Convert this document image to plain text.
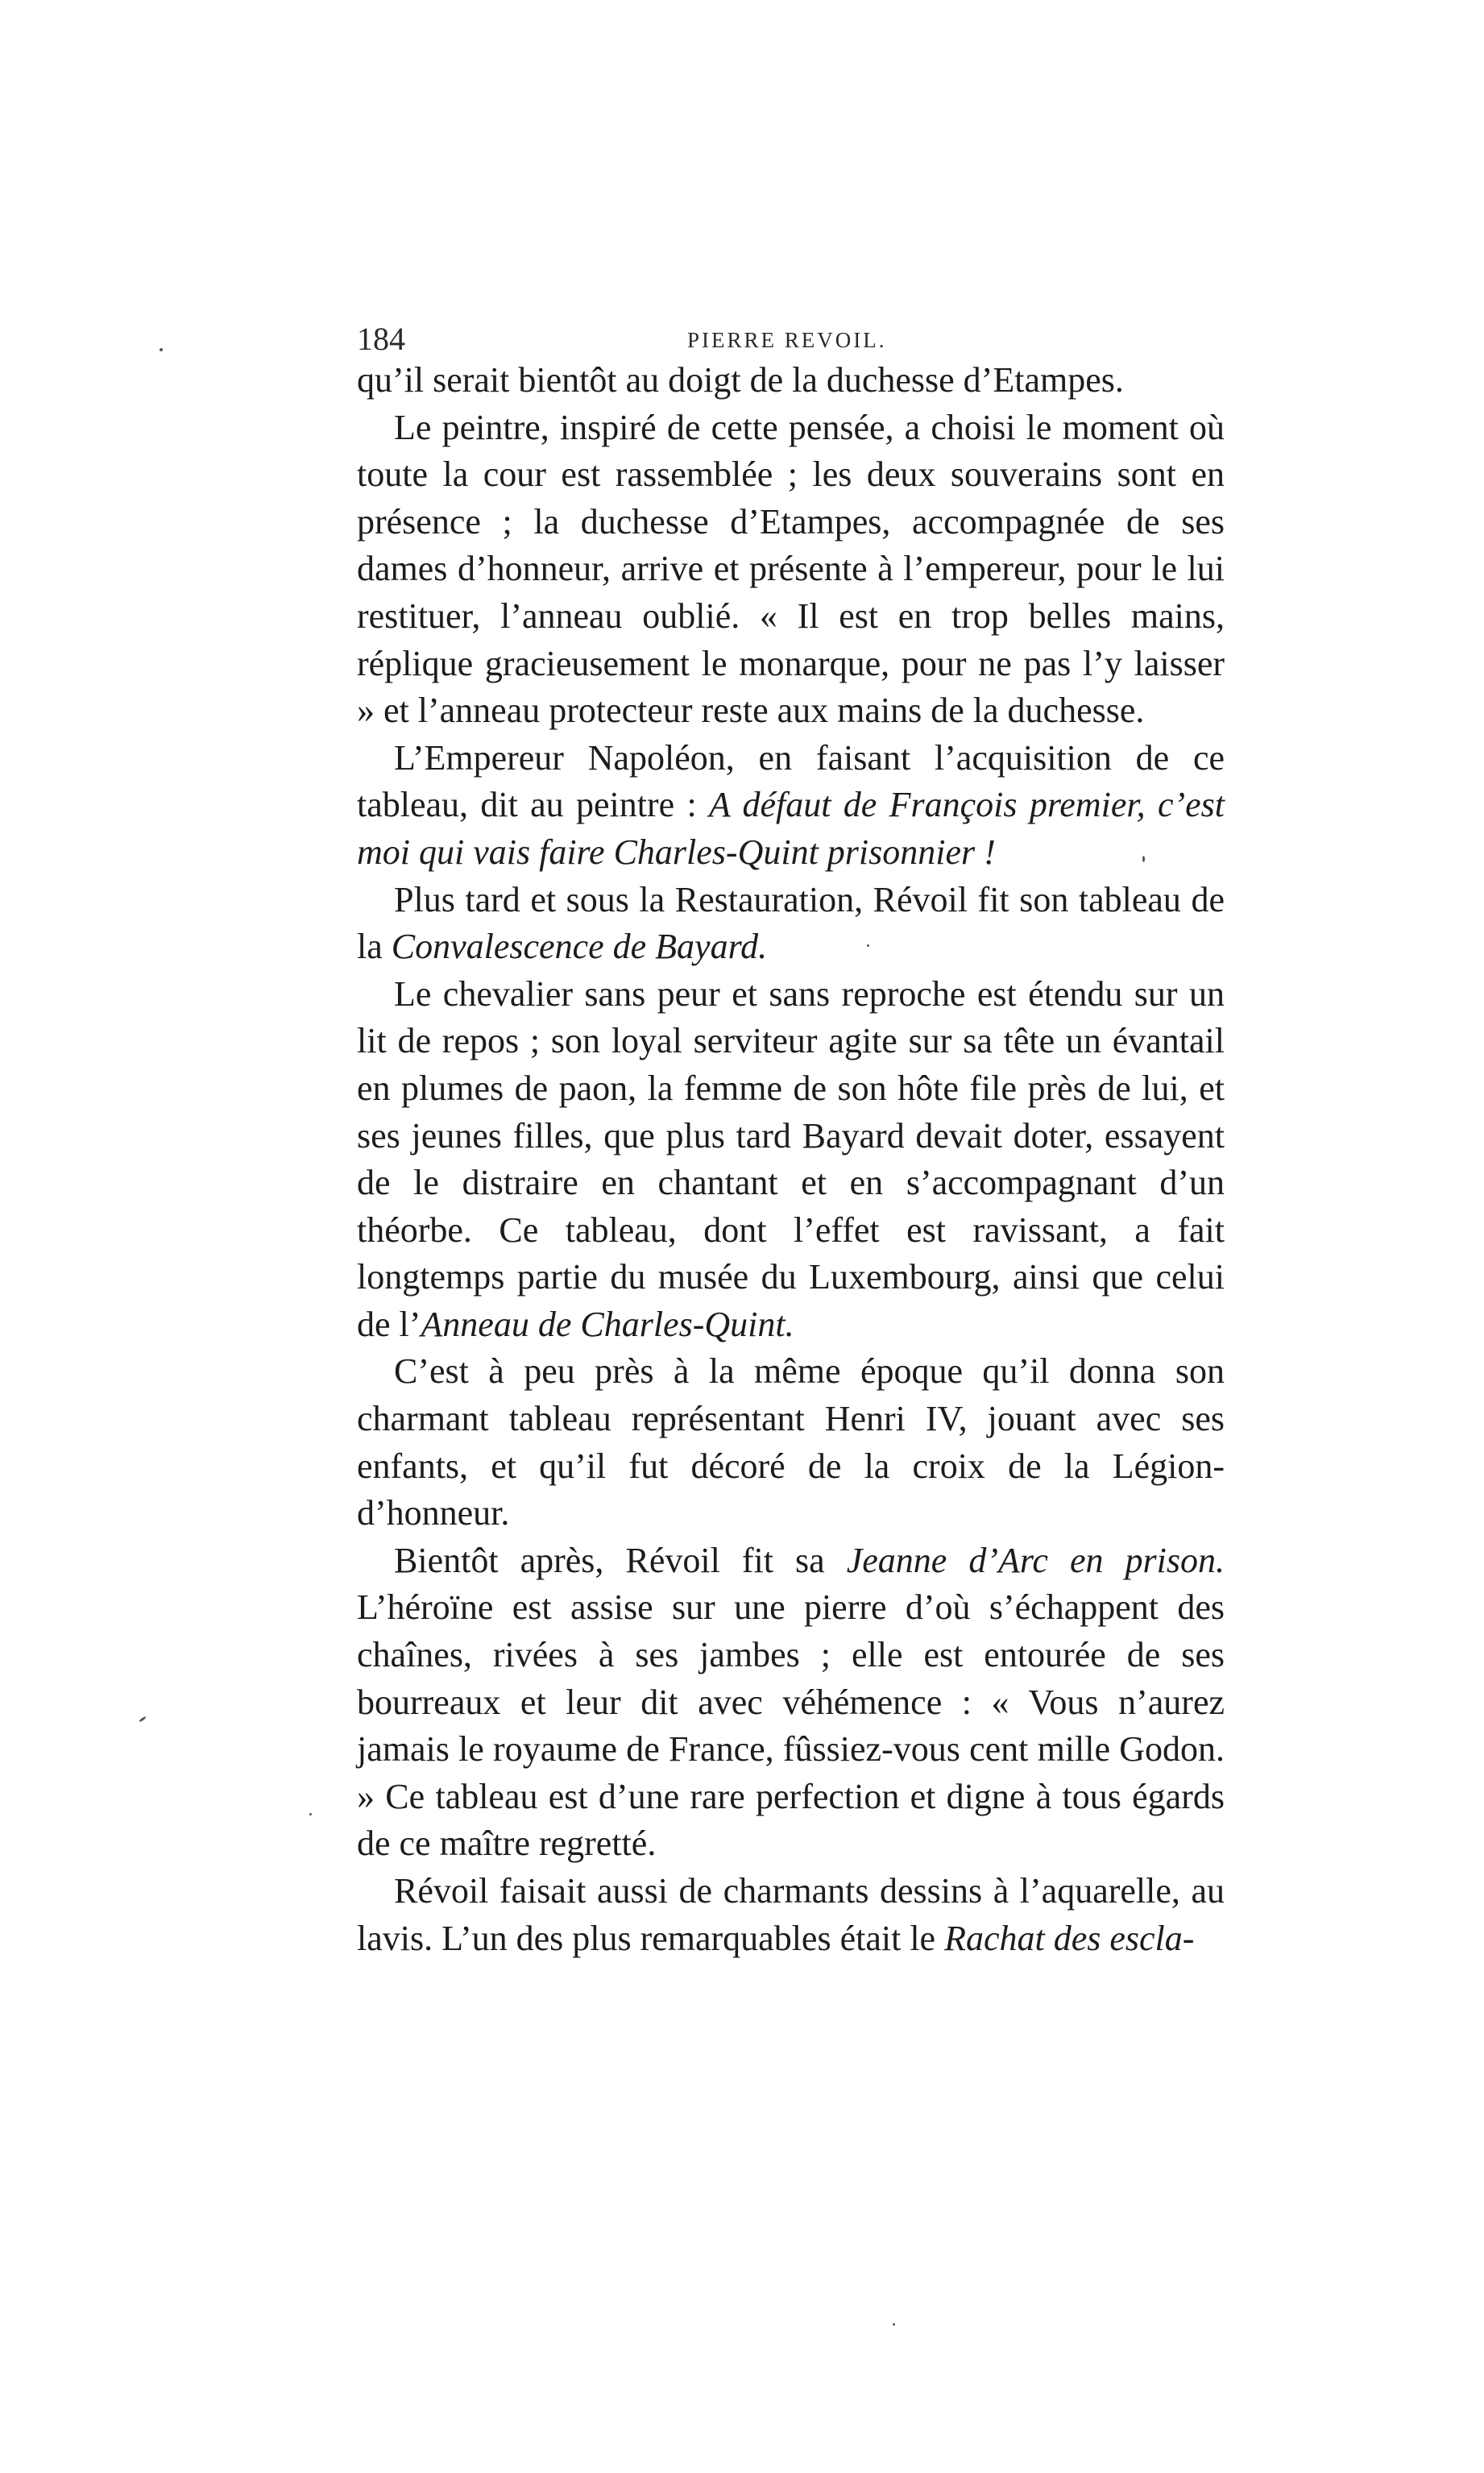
184	PIERRE REVOIL.

qu’il serait bientôt au doigt de la duchesse d’Etampes.

Le peintre, inspiré de cette pensée, a choisi le moment où toute la cour est rassemblée ; les deux souverains sont en présence ; la duchesse d’Etampes, accompagnée de ses dames d’honneur, arrive et présente à l’empereur, pour le lui restituer, l’anneau oublié. « Il est en trop belles mains, réplique gracieusement le monarque, pour ne pas l’y laisser » et l’anneau protecteur reste aux mains de la duchesse.

L’Empereur Napoléon, en faisant l’acquisition de ce tableau, dit au peintre : A défaut de François premier, c’est moi qui vais faire Charles-Quint prisonnier !

Plus tard et sous la Restauration, Révoil fit son tableau de la Convalescence de Bayard.

Le chevalier sans peur et sans reproche est étendu sur un lit de repos ; son loyal serviteur agite sur sa tête un évantail en plumes de paon, la femme de son hôte file près de lui, et ses jeunes filles, que plus tard Bayard devait doter, essayent de le distraire en chantant et en s’accompagnant d’un théorbe. Ce tableau, dont l’effet est ravissant, a fait longtemps partie du musée du Luxembourg, ainsi que celui de l’Anneau de Charles-Quint.

C’est à peu près à la même époque qu’il donna son charmant tableau représentant Henri IV, jouant avec ses enfants, et qu’il fut décoré de la croix de la Légion-d’honneur.

Bientôt après, Révoil fit sa Jeanne d’Arc en prison. L’héroïne est assise sur une pierre d’où s’échappent des chaînes, rivées à ses jambes ; elle est entourée de ses bourreaux et leur dit avec véhémence : « Vous n’aurez jamais le royaume de France, fûssiez-vous cent mille Godon. » Ce tableau est d’une rare perfection et digne à tous égards de ce maître regretté.

Révoil faisait aussi de charmants dessins à l’aquarelle, au lavis. L’un des plus remarquables était le Rachat des escla-
